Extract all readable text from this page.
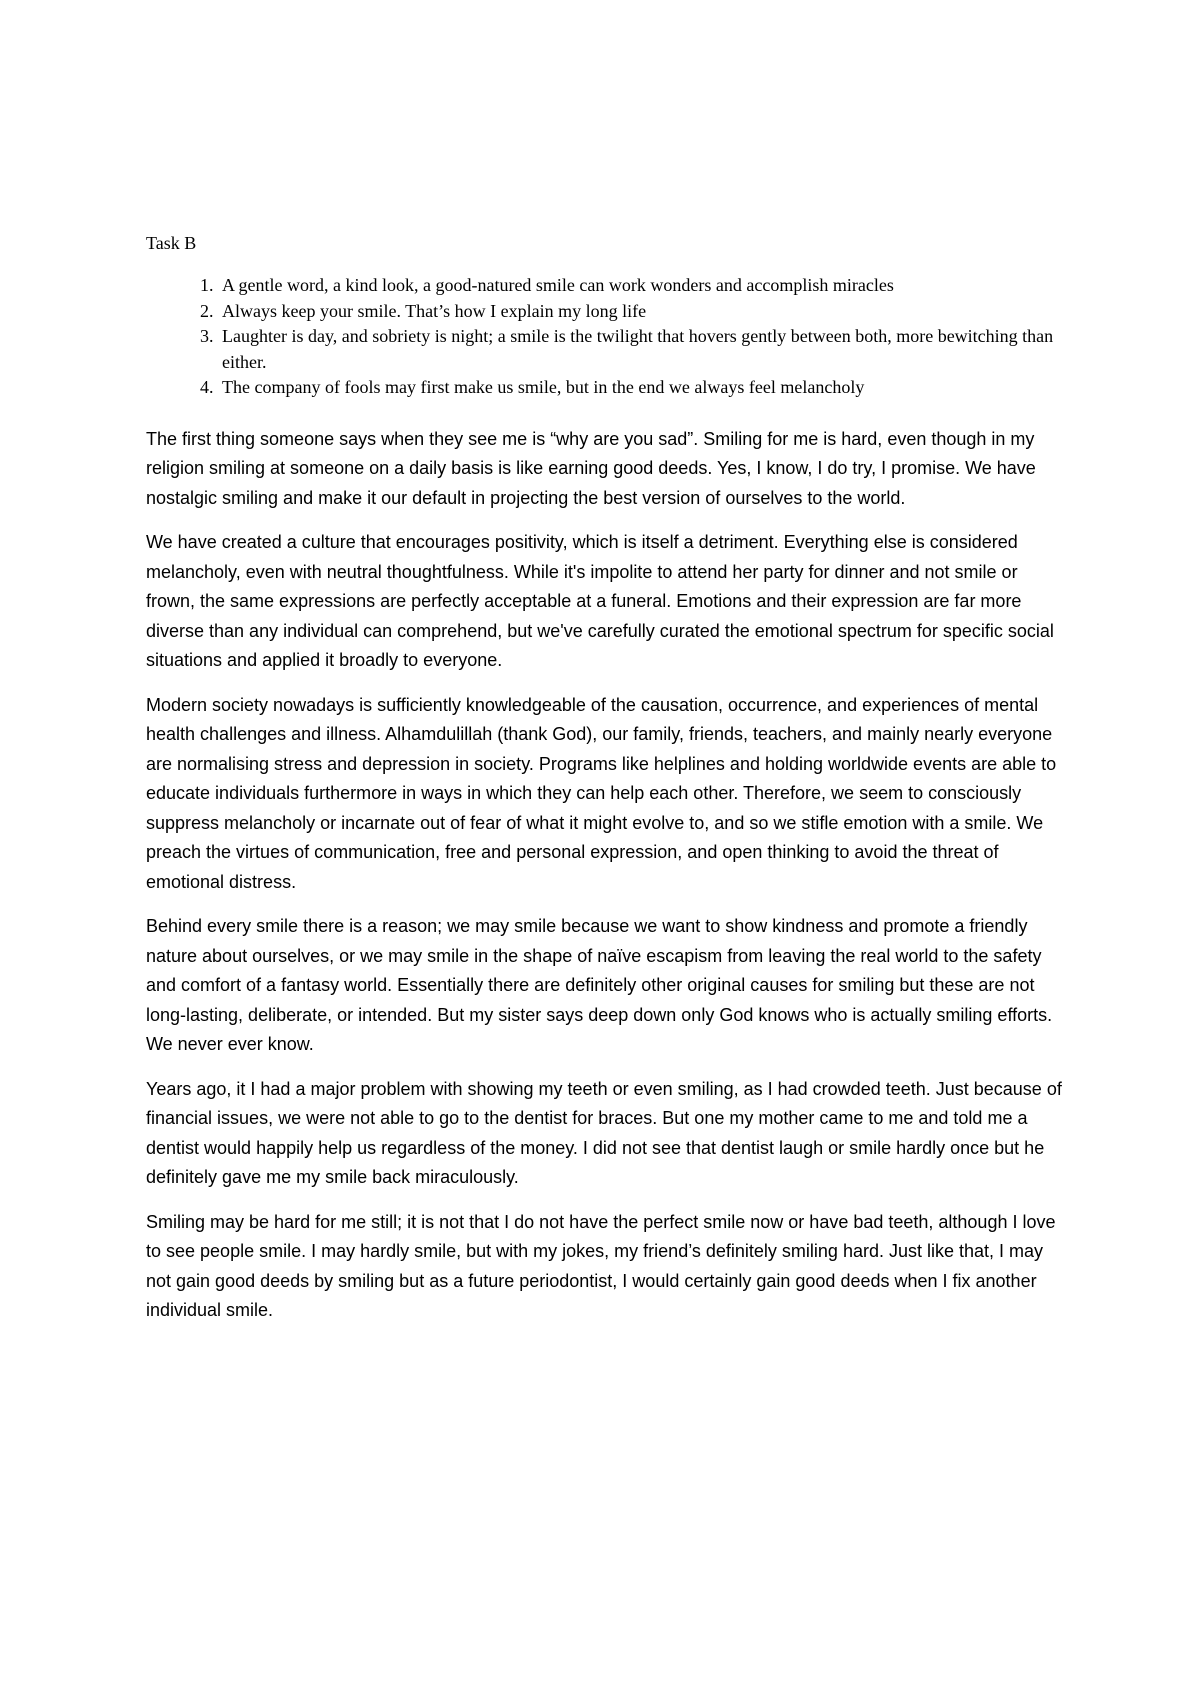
Task B
1. A gentle word, a kind look, a good-natured smile can work wonders and accomplish miracles
2. Always keep your smile. That’s how I explain my long life
3. Laughter is day, and sobriety is night; a smile is the twilight that hovers gently between both, more bewitching than either.
4. The company of fools may first make us smile, but in the end we always feel melancholy

The first thing someone says when they see me is “why are you sad”. Smiling for me is hard, even though in my religion smiling at someone on a daily basis is like earning good deeds. Yes, I know, I do try, I promise. We have nostalgic smiling and make it our default in projecting the best version of ourselves to the world.

We have created a culture that encourages positivity, which is itself a detriment. Everything else is considered melancholy, even with neutral thoughtfulness. While it's impolite to attend her party for dinner and not smile or frown, the same expressions are perfectly acceptable at a funeral. Emotions and their expression are far more diverse than any individual can comprehend, but we've carefully curated the emotional spectrum for specific social situations and applied it broadly to everyone.

Modern society nowadays is sufficiently knowledgeable of the causation, occurrence, and experiences of mental health challenges and illness. Alhamdulillah (thank God), our family, friends, teachers, and mainly nearly everyone are normalising stress and depression in society. Programs like helplines and holding worldwide events are able to educate individuals furthermore in ways in which they can help each other. Therefore, we seem to consciously suppress melancholy or incarnate out of fear of what it might evolve to, and so we stifle emotion with a smile. We preach the virtues of communication, free and personal expression, and open thinking to avoid the threat of emotional distress.

Behind every smile there is a reason; we may smile because we want to show kindness and promote a friendly nature about ourselves, or we may smile in the shape of naïve escapism from leaving the real world to the safety and comfort of a fantasy world. Essentially there are definitely other original causes for smiling but these are not long-lasting, deliberate, or intended. But my sister says deep down only God knows who is actually smiling efforts. We never ever know.

Years ago, it I had a major problem with showing my teeth or even smiling, as I had crowded teeth. Just because of financial issues, we were not able to go to the dentist for braces. But one my mother came to me and told me a dentist would happily help us regardless of the money. I did not see that dentist laugh or smile hardly once but he definitely gave me my smile back miraculously.

Smiling may be hard for me still; it is not that I do not have the perfect smile now or have bad teeth, although I love to see people smile. I may hardly smile, but with my jokes, my friend’s definitely smiling hard. Just like that, I may not gain good deeds by smiling but as a future periodontist, I would certainly gain good deeds when I fix another individual smile.
